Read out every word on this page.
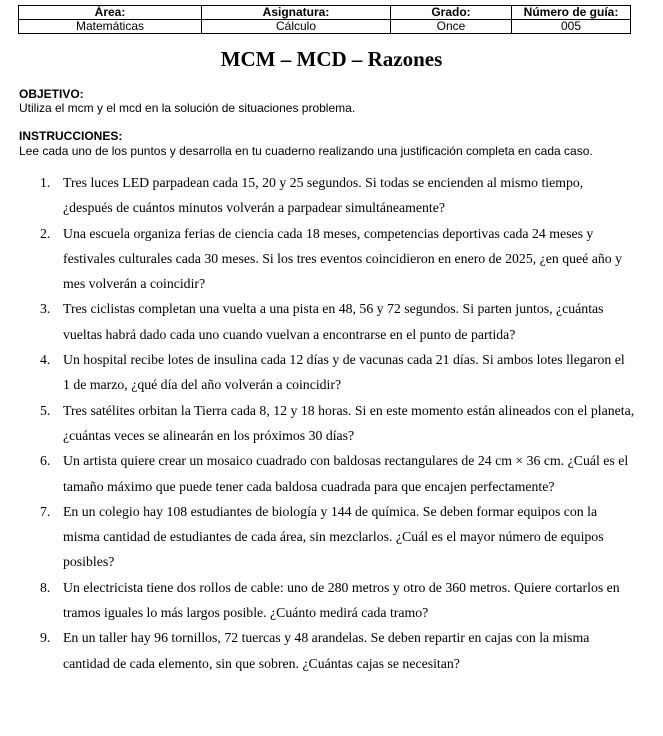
Área:	Asignatura:	Grado:	Número de guía:
Matemáticas	Cálculo	Once	005
MCM – MCD – Razones
OBJETIVO:
Utiliza el mcm y el mcd en la solución de situaciones problema.
INSTRUCCIONES:
Lee cada uno de los puntos y desarrolla en tu cuaderno realizando una justificación completa en cada caso.
1. Tres luces LED parpadean cada 15, 20 y 25 segundos. Si todas se encienden al mismo tiempo, ¿después de cuántos minutos volverán a parpadear simultáneamente?
2. Una escuela organiza ferias de ciencia cada 18 meses, competencias deportivas cada 24 meses y festivales culturales cada 30 meses. Si los tres eventos coincidieron en enero de 2025, ¿en queé año y mes volverán a coincidir?
3. Tres ciclistas completan una vuelta a una pista en 48, 56 y 72 segundos. Si parten juntos, ¿cuántas vueltas habrá dado cada uno cuando vuelvan a encontrarse en el punto de partida?
4. Un hospital recibe lotes de insulina cada 12 días y de vacunas cada 21 días. Si ambos lotes llegaron el 1 de marzo, ¿qué día del año volverán a coincidir?
5. Tres satélites orbitan la Tierra cada 8, 12 y 18 horas. Si en este momento están alineados con el planeta, ¿cuántas veces se alinearán en los próximos 30 días?
6. Un artista quiere crear un mosaico cuadrado con baldosas rectangulares de 24 cm × 36 cm. ¿Cuál es el tamaño máximo que puede tener cada baldosa cuadrada para que encajen perfectamente?
7. En un colegio hay 108 estudiantes de biología y 144 de química. Se deben formar equipos con la misma cantidad de estudiantes de cada área, sin mezclarlos. ¿Cuál es el mayor número de equipos posibles?
8. Un electricista tiene dos rollos de cable: uno de 280 metros y otro de 360 metros. Quiere cortarlos en tramos iguales lo más largos posible. ¿Cuánto medirá cada tramo?
9. En un taller hay 96 tornillos, 72 tuercas y 48 arandelas. Se deben repartir en cajas con la misma cantidad de cada elemento, sin que sobren. ¿Cuántas cajas se necesitan?
